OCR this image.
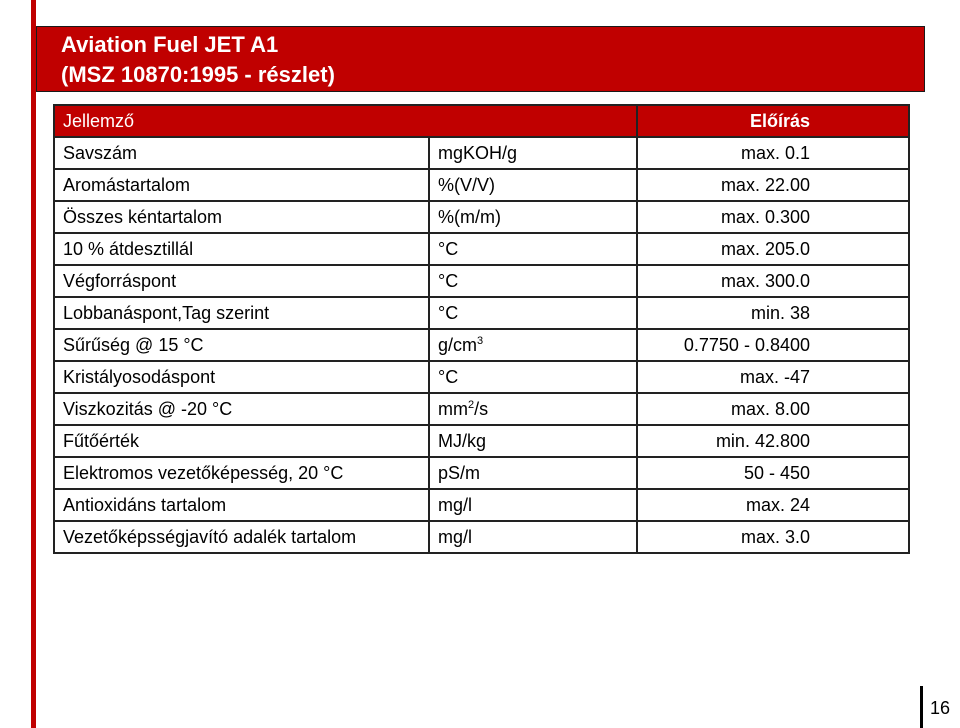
Aviation Fuel JET A1
(MSZ 10870:1995 - részlet)
Jellemző		Előírás
Savszám	mgKOH/g	max. 0.1
Aromástartalom	%(V/V)	max. 22.00
Összes kéntartalom	%(m/m)	max. 0.300
10 % átdesztillál	°C	max. 205.0
Végforráspont	°C	max. 300.0
Lobbanáspont,Tag szerint	°C	min. 38
Sűrűség @ 15 °C	$g/cm^3$	0.7750 - 0.8400
Kristályosodáspont	°C	max. -47
Viszkozitás @ -20 °C	$mm^2/s$	max. 8.00
Fűtőérték	MJ/kg	min. 42.800
Elektromos vezetőképesség, 20 °C	pS/m	50 - 450
Antioxidáns tartalom	mg/l	max. 24
Vezetőképsségjavító adalék tartalom	mg/l	max. 3.0
16
